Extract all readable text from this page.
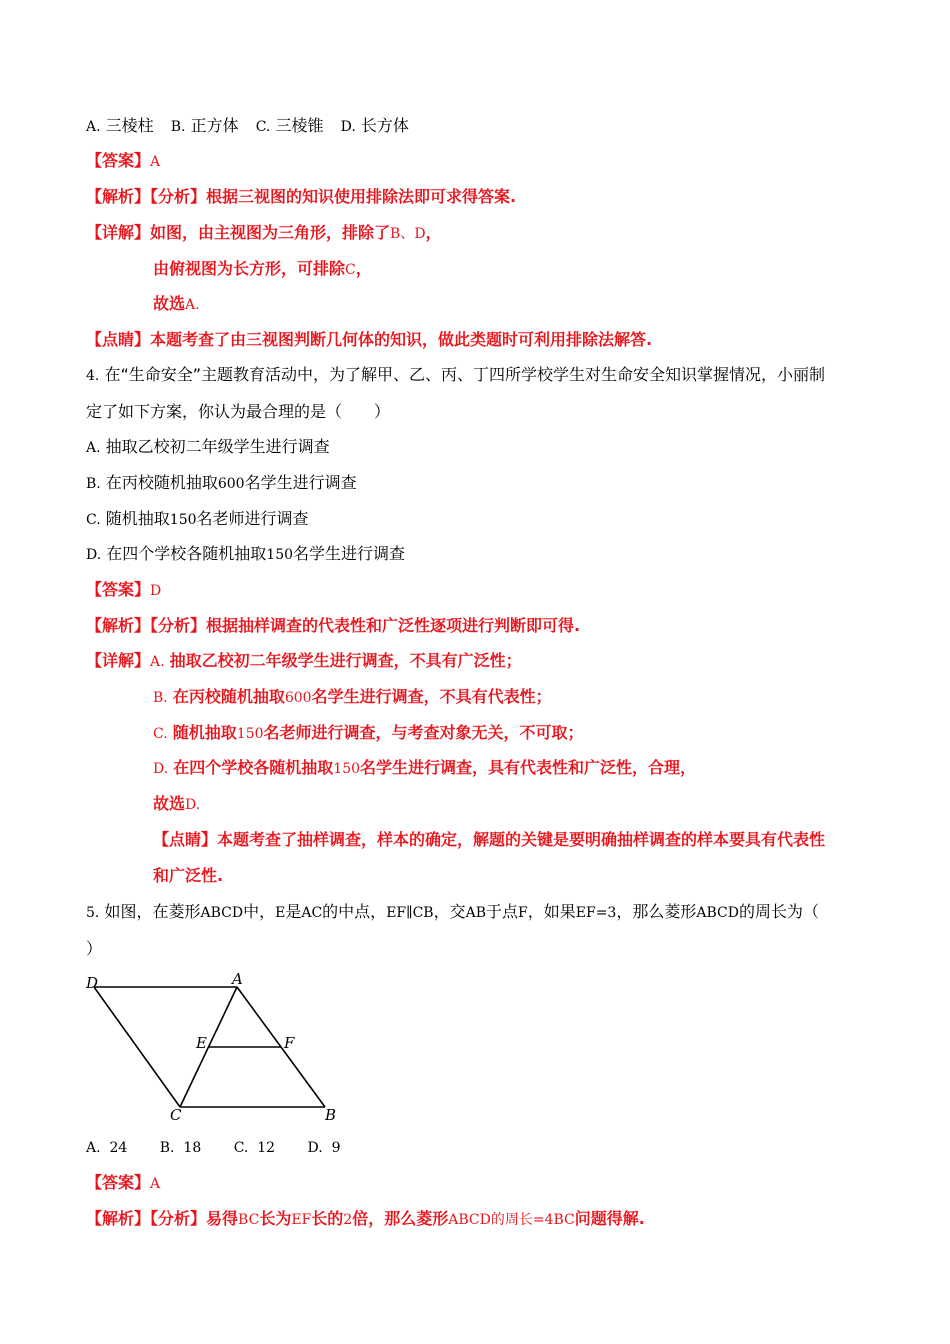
A. 三棱柱 B. 正方体 C. 三棱锥 D. 长方体
【答案】A
【解析】【分析】根据三视图的知识使用排除法即可求得答案.
【详解】如图，由主视图为三角形，排除了B、D，
由俯视图为长方形，可排除C，
故选A.
【点睛】本题考查了由三视图判断几何体的知识，做此类题时可利用排除法解答.
4. 在“生命安全”主题教育活动中，为了解甲、乙、丙、丁四所学校学生对生命安全知识掌握情况，小丽制
定了如下方案，你认为最合理的是（　　）
A. 抽取乙校初二年级学生进行调查
B. 在丙校随机抽取600名学生进行调查
C. 随机抽取150名老师进行调查
D. 在四个学校各随机抽取150名学生进行调查
【答案】D
【解析】【分析】根据抽样调查的代表性和广泛性逐项进行判断即可得.
【详解】A. 抽取乙校初二年级学生进行调查，不具有广泛性；
B. 在丙校随机抽取600名学生进行调查，不具有代表性；
C. 随机抽取150名老师进行调查，与考查对象无关，不可取；
D. 在四个学校各随机抽取150名学生进行调查，具有代表性和广泛性，合理，
故选D.
【点睛】本题考查了抽样调查，样本的确定，解题的关键是要明确抽样调查的样本要具有代表性
和广泛性.
5. 如图，在菱形ABCD中，E是AC的中点，EF∥CB，交AB于点F，如果EF=3，那么菱形ABCD的周长为（
）
D	A
E	F
C	B
A. 24 B. 18 C. 12 D. 9
【答案】A
【解析】【分析】易得BC长为EF长的2倍，那么菱形ABCD的周长=4BC问题得解.
